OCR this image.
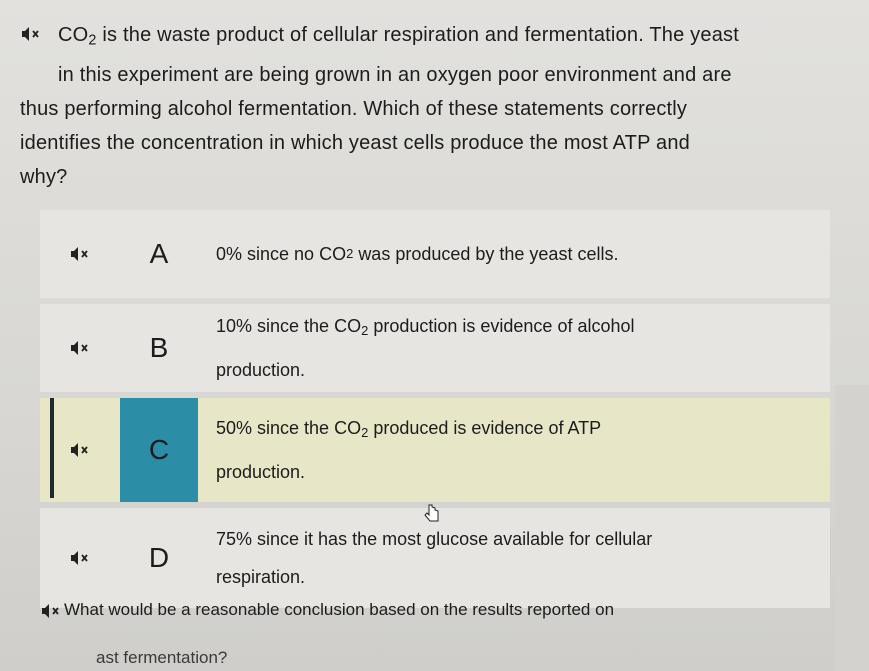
$CO_2$ is the waste product of cellular respiration and fermentation. The yeast
in this experiment are being grown in an oxygen poor environment and are
thus performing alcohol fermentation. Which of these statements correctly
identifies the concentration in which yeast cells produce the most ATP and
why?
A	0% since no CO 2
was produced by the yeast cells.
B
10% since the $CO_2$ production is evidence of alcohol
production.
C
50% since the $CO_2$ produced is evidence of ATP
production.
D
75% since it has the most glucose available for cellular
respiration.
What would be a reasonable conclusion based on the results reported on
ast fermentation?
